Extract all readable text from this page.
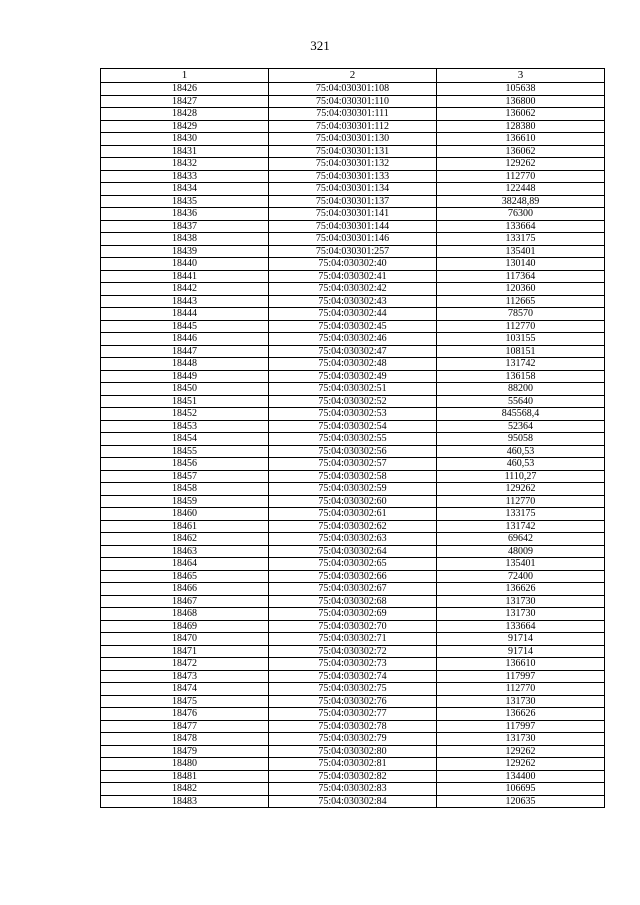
321
1	2	3
18426	75:04:030301:108	105638
18427	75:04:030301:110	136800
18428	75:04:030301:111	136062
18429	75:04:030301:112	128380
18430	75:04:030301:130	136610
18431	75:04:030301:131	136062
18432	75:04:030301:132	129262
18433	75:04:030301:133	112770
18434	75:04:030301:134	122448
18435	75:04:030301:137	38248,89
18436	75:04:030301:141	76300
18437	75:04:030301:144	133664
18438	75:04:030301:146	133175
18439	75:04:030301:257	135401
18440	75:04:030302:40	130140
18441	75:04:030302:41	117364
18442	75:04:030302:42	120360
18443	75:04:030302:43	112665
18444	75:04:030302:44	78570
18445	75:04:030302:45	112770
18446	75:04:030302:46	103155
18447	75:04:030302:47	108151
18448	75:04:030302:48	131742
18449	75:04:030302:49	136158
18450	75:04:030302:51	88200
18451	75:04:030302:52	55640
18452	75:04:030302:53	845568,4
18453	75:04:030302:54	52364
18454	75:04:030302:55	95058
18455	75:04:030302:56	460,53
18456	75:04:030302:57	460,53
18457	75:04:030302:58	1110,27
18458	75:04:030302:59	129262
18459	75:04:030302:60	112770
18460	75:04:030302:61	133175
18461	75:04:030302:62	131742
18462	75:04:030302:63	69642
18463	75:04:030302:64	48009
18464	75:04:030302:65	135401
18465	75:04:030302:66	72400
18466	75:04:030302:67	136626
18467	75:04:030302:68	131730
18468	75:04:030302:69	131730
18469	75:04:030302:70	133664
18470	75:04:030302:71	91714
18471	75:04:030302:72	91714
18472	75:04:030302:73	136610
18473	75:04:030302:74	117997
18474	75:04:030302:75	112770
18475	75:04:030302:76	131730
18476	75:04:030302:77	136626
18477	75:04:030302:78	117997
18478	75:04:030302:79	131730
18479	75:04:030302:80	129262
18480	75:04:030302:81	129262
18481	75:04:030302:82	134400
18482	75:04:030302:83	106695
18483	75:04:030302:84	120635
